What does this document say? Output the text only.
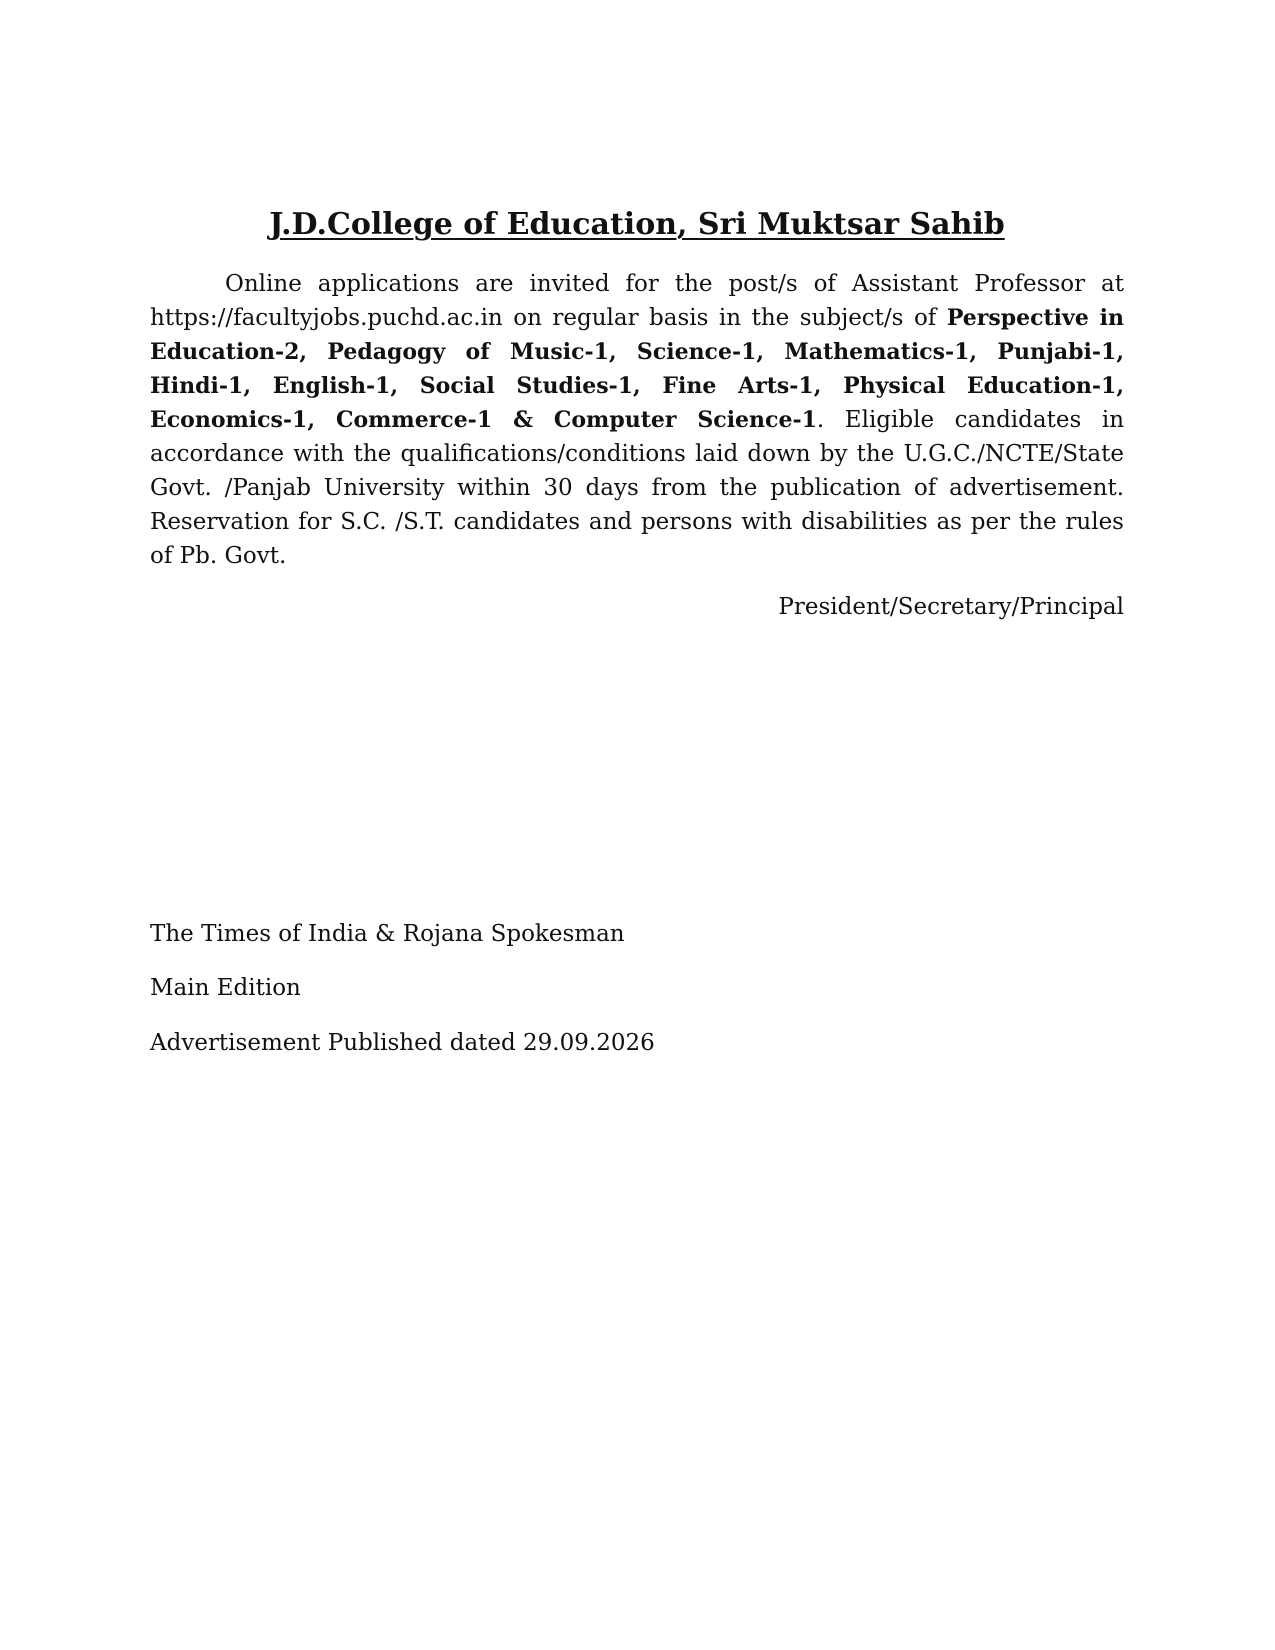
J.D.College of Education, Sri Muktsar Sahib

Online applications are invited for the post/s of Assistant Professor at https://facultyjobs.puchd.ac.in on regular basis in the subject/s of Perspective in Education-2, Pedagogy of Music-1, Science-1, Mathematics-1, Punjabi-1, Hindi-1, English-1, Social Studies-1, Fine Arts-1, Physical Education-1, Economics-1, Commerce-1 & Computer Science-1. Eligible candidates in accordance with the qualifications/conditions laid down by the U.G.C./NCTE/State Govt. /Panjab University within 30 days from the publication of advertisement. Reservation for S.C. /S.T. candidates and persons with disabilities as per the rules of Pb. Govt.

President/Secretary/Principal

The Times of India & Rojana Spokesman

Main Edition

Advertisement Published dated 29.09.2026
